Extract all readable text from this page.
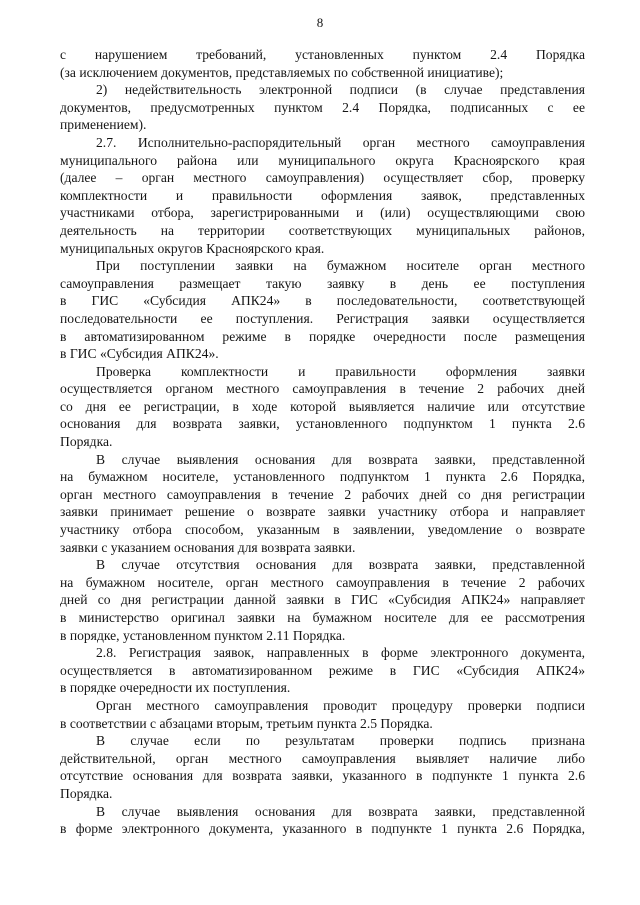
8
с нарушением требований, установленных пунктом 2.4 Порядка
(за исключением документов, представляемых по собственной инициативе);
2) недействительность электронной подписи (в случае представления
документов, предусмотренных пунктом 2.4 Порядка, подписанных с ее
применением).
2.7. Исполнительно-распорядительный орган местного самоуправления
муниципального района или муниципального округа Красноярского края
(далее – орган местного самоуправления) осуществляет сбор, проверку
комплектности и правильности оформления заявок, представленных
участниками отбора, зарегистрированными и (или) осуществляющими свою
деятельность на территории соответствующих муниципальных районов,
муниципальных округов Красноярского края.
При поступлении заявки на бумажном носителе орган местного
самоуправления размещает такую заявку в день ее поступления
в ГИС «Субсидия АПК24» в последовательности, соответствующей
последовательности ее поступления. Регистрация заявки осуществляется
в автоматизированном режиме в порядке очередности после размещения
в ГИС «Субсидия АПК24».
Проверка комплектности и правильности оформления заявки
осуществляется органом местного самоуправления в течение 2 рабочих дней
со дня ее регистрации, в ходе которой выявляется наличие или отсутствие
основания для возврата заявки, установленного подпунктом 1 пункта 2.6
Порядка.
В случае выявления основания для возврата заявки, представленной
на бумажном носителе, установленного подпунктом 1 пункта 2.6 Порядка,
орган местного самоуправления в течение 2 рабочих дней со дня регистрации
заявки принимает решение о возврате заявки участнику отбора и направляет
участнику отбора способом, указанным в заявлении, уведомление о возврате
заявки с указанием основания для возврата заявки.
В случае отсутствия основания для возврата заявки, представленной
на бумажном носителе, орган местного самоуправления в течение 2 рабочих
дней со дня регистрации данной заявки в ГИС «Субсидия АПК24» направляет
в министерство оригинал заявки на бумажном носителе для ее рассмотрения
в порядке, установленном пунктом 2.11 Порядка.
2.8. Регистрация заявок, направленных в форме электронного документа,
осуществляется в автоматизированном режиме в ГИС «Субсидия АПК24»
в порядке очередности их поступления.
Орган местного самоуправления проводит процедуру проверки подписи
в соответствии с абзацами вторым, третьим пункта 2.5 Порядка.
В случае если по результатам проверки подпись признана
действительной, орган местного самоуправления выявляет наличие либо
отсутствие основания для возврата заявки, указанного в подпункте 1 пункта 2.6
Порядка.
В случае выявления основания для возврата заявки, представленной
в форме электронного документа, указанного в подпункте 1 пункта 2.6 Порядка,
